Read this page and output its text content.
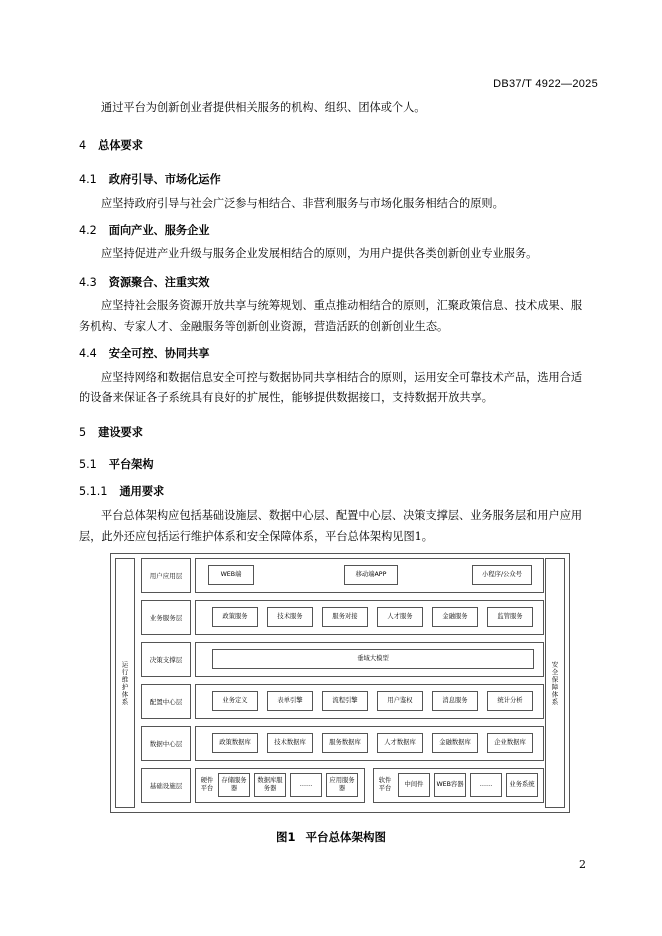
DB37/T 4922—2025

通过平台为创新创业者提供相关服务的机构、组织、团体或个人。

4 总体要求

4.1 政府引导、市场化运作

应坚持政府引导与社会广泛参与相结合、非营利服务与市场化服务相结合的原则。

4.2 面向产业、服务企业

应坚持促进产业升级与服务企业发展相结合的原则，为用户提供各类创新创业专业服务。

4.3 资源聚合、注重实效

应坚持社会服务资源开放共享与统筹规划、重点推动相结合的原则，汇聚政策信息、技术成果、服

务机构、专家人才、金融服务等创新创业资源，营造活跃的创新创业生态。

4.4 安全可控、协同共享

应坚持网络和数据信息安全可控与数据协同共享相结合的原则，运用安全可靠技术产品，选用合适

的设备来保证各子系统具有良好的扩展性，能够提供数据接口，支持数据开放共享。

5 建设要求

5.1 平台架构

5.1.1 通用要求

平台总体架构应包括基础设施层、数据中心层、配置中心层、决策支撑层、业务服务层和用户应用

层，此外还应包括运行维护体系和安全保障体系，平台总体架构见图1。

运行维护体系	安全保障体系
用户应用层	WEB端	移动端APP	小程序/公众号
业务服务层	政策服务	技术服务	服务对接	人才服务	金融服务	监管服务
决策支撑层	垂域大模型
配置中心层	业务定义	表单引擎	流程引擎	用户鉴权	消息服务	统计分析
数据中心层	政策数据库	技术数据库	服务数据库	人才数据库	金融数据库	企业数据库
基础设施层
硬件平台
存储服务器
数据库服务器
……
应用服务器
软件平台
中间件	WEB容器	……	业务系统
图1 平台总体架构图
2
